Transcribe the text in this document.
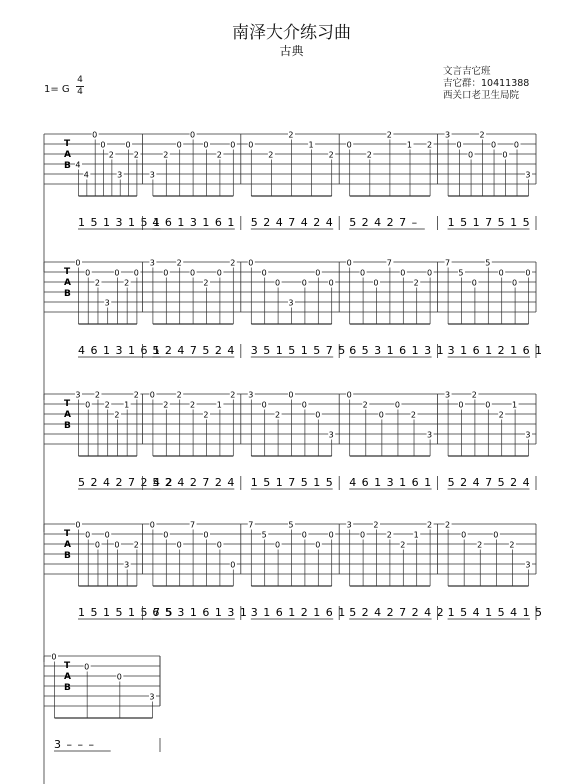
南泽大介练习曲
古典
文言吉它班
吉它群：10411388
西关口老卫生局院
1= G
4
4
T
A
B 4
4
0
0
2
3
0
2
1 5 1 3 1 5 1
3
2
0
0
0
2
0
4 6 1 3 1 6 1
0
2
2
1
2
5 2 4 7 4 2 4
0
2
2
1 2
5 2 4 2 7 –
3
0
0
2
0
0
0
3
1 5 1 7 5 1 5
T
A
B
0
0
2
3
0
2
0
4 6 1 3 1 6 1
3
0
2
0
2
0
2
5 2 4 7 5 2 4
0
0
0
3
0
0
0
3 5 1 5 1 5 7 5
0
0
0
7
0
2
0
6 5 3 1 6 1 3 1
7
5
0
5
0
0
0
3 1 6 1 2 1 6 1
T
A
B
3
0
2
2
2
1
2
5 2 4 2 7 2 4 2
0
2
2
2
2
1
2
5 2 4 2 7 2 4
3
0
2
0
0
0
3
1 5 1 7 5 1 5
0
2
0
0
2
3
4 6 1 3 1 6 1
3
0
2
0
2
1
3
5 2 4 7 5 2 4
T
A
B
0
0
0
0
0
3
2
1 5 1 5 1 5 7 5
0
0
0
7
0
0
0
6 5 3 1 6 1 3 1
7
5
0
5
0
0
0
3 1 6 1 2 1 6 1
3
0
2
2
2
1
2
5 2 4 2 7 2 4 2
2
0
2
0
2
3
1 5 4 1 5 4 1 5
T
A
B
0
0
0
3
3 – – –
